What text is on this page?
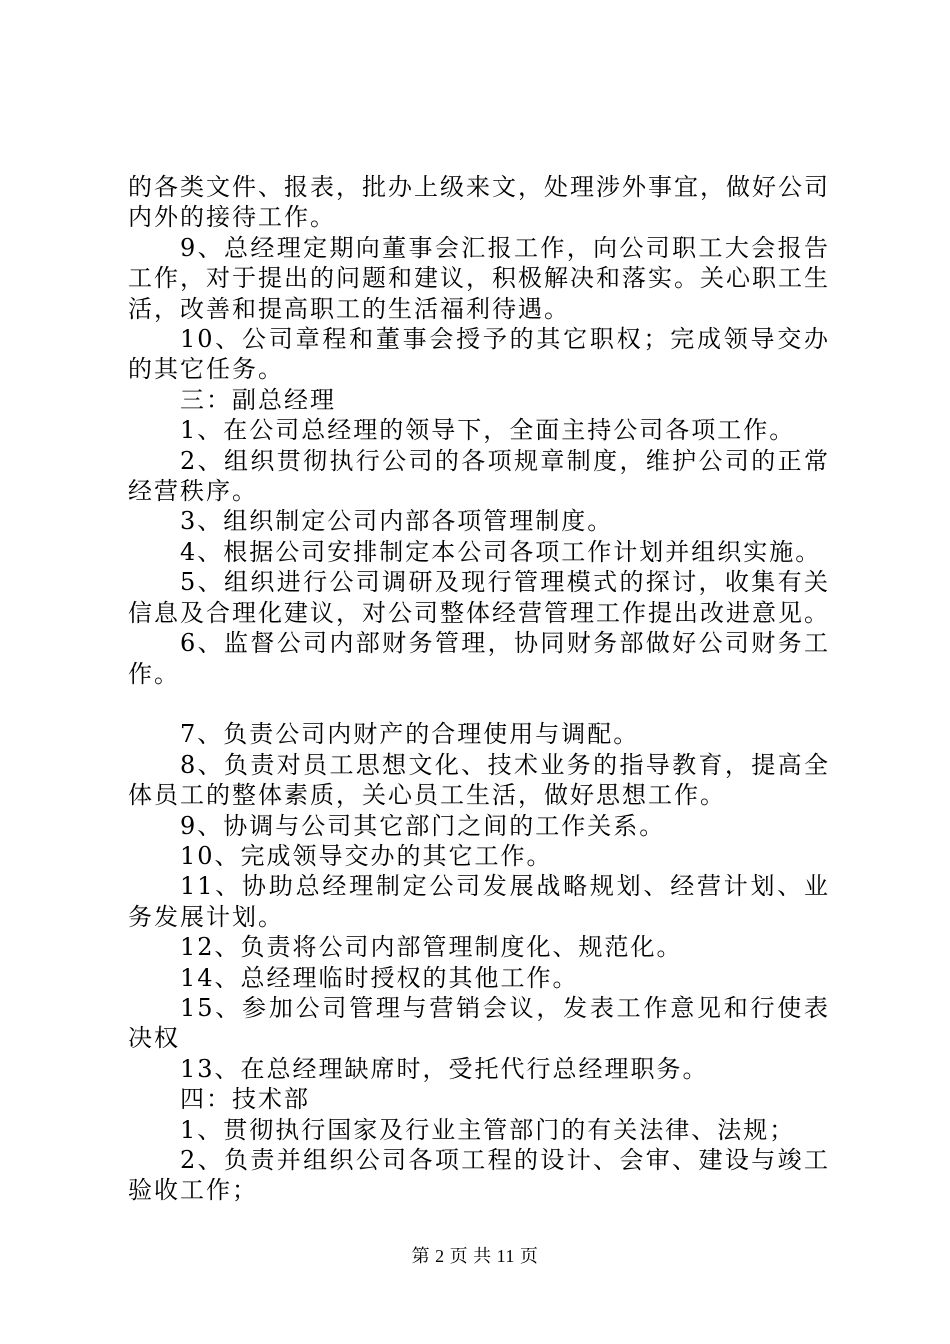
的各类文件、报表，批办上级来文，处理涉外事宜，做好公司内外的接待工作。

9、总经理定期向董事会汇报工作，向公司职工大会报告工作，对于提出的问题和建议，积极解决和落实。关心职工生活，改善和提高职工的生活福利待遇。

10、公司章程和董事会授予的其它职权；完成领导交办的其它任务。

三：副总经理

1、在公司总经理的领导下，全面主持公司各项工作。

2、组织贯彻执行公司的各项规章制度，维护公司的正常经营秩序。

3、组织制定公司内部各项管理制度。

4、根据公司安排制定本公司各项工作计划并组织实施。

5、组织进行公司调研及现行管理模式的探讨，收集有关信息及合理化建议，对公司整体经营管理工作提出改进意见。

6、监督公司内部财务管理，协同财务部做好公司财务工作。

7、负责公司内财产的合理使用与调配。

8、负责对员工思想文化、技术业务的指导教育，提高全体员工的整体素质，关心员工生活，做好思想工作。

9、协调与公司其它部门之间的工作关系。

10、完成领导交办的其它工作。

11、协助总经理制定公司发展战略规划、经营计划、业务发展计划。

12、负责将公司内部管理制度化、规范化。

14、总经理临时授权的其他工作。

15、参加公司管理与营销会议，发表工作意见和行使表决权

13、在总经理缺席时，受托代行总经理职务。

四：技术部

1、贯彻执行国家及行业主管部门的有关法律、法规；

2、负责并组织公司各项工程的设计、会审、建设与竣工验收工作；

第 2 页 共 11 页
